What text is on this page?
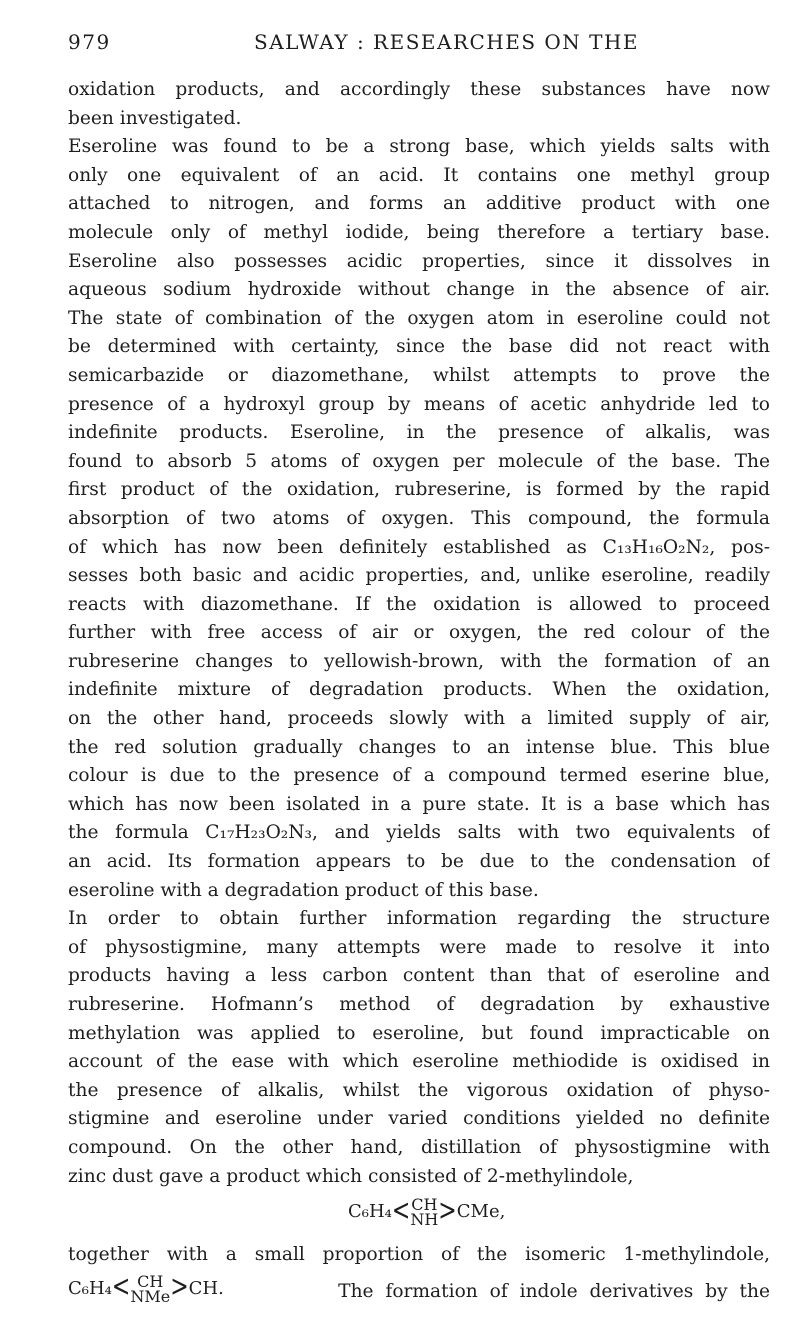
979	SALWAY : RESEARCHES ON THE
oxidation products, and accordingly these substances have now
been investigated.
Eseroline was found to be a strong base, which yields salts with
only one equivalent of an acid. It contains one methyl group
attached to nitrogen, and forms an additive product with one
molecule only of methyl iodide, being therefore a tertiary base.
Eseroline also possesses acidic properties, since it dissolves in
aqueous sodium hydroxide without change in the absence of air.
The state of combination of the oxygen atom in eseroline could not
be determined with certainty, since the base did not react with
semicarbazide or diazomethane, whilst attempts to prove the
presence of a hydroxyl group by means of acetic anhydride led to
indefinite products. Eseroline, in the presence of alkalis, was
found to absorb 5 atoms of oxygen per molecule of the base. The
first product of the oxidation, rubreserine, is formed by the rapid
absorption of two atoms of oxygen. This compound, the formula
of which has now been definitely established as C₁₃H₁₆O₂N₂, pos-
sesses both basic and acidic properties, and, unlike eseroline, readily
reacts with diazomethane. If the oxidation is allowed to proceed
further with free access of air or oxygen, the red colour of the
rubreserine changes to yellowish-brown, with the formation of an
indefinite mixture of degradation products. When the oxidation,
on the other hand, proceeds slowly with a limited supply of air,
the red solution gradually changes to an intense blue. This blue
colour is due to the presence of a compound termed eserine blue,
which has now been isolated in a pure state. It is a base which has
the formula C₁₇H₂₃O₂N₃, and yields salts with two equivalents of
an acid. Its formation appears to be due to the condensation of
eseroline with a degradation product of this base.
In order to obtain further information regarding the structure
of physostigmine, many attempts were made to resolve it into
products having a less carbon content than that of eseroline and
rubreserine. Hofmann’s method of degradation by exhaustive
methylation was applied to eseroline, but found impracticable on
account of the ease with which eseroline methiodide is oxidised in
the presence of alkalis, whilst the vigorous oxidation of physo-
stigmine and eseroline under varied conditions yielded no definite
compound. On the other hand, distillation of physostigmine with
zinc dust gave a product which consisted of 2-methylindole,
C₆H₄< CH
NH >CMe,
together with a small proportion of the isomeric 1-methylindole,
C₆H₄< CH
NMe >CH.	The formation of indole derivatives by the
